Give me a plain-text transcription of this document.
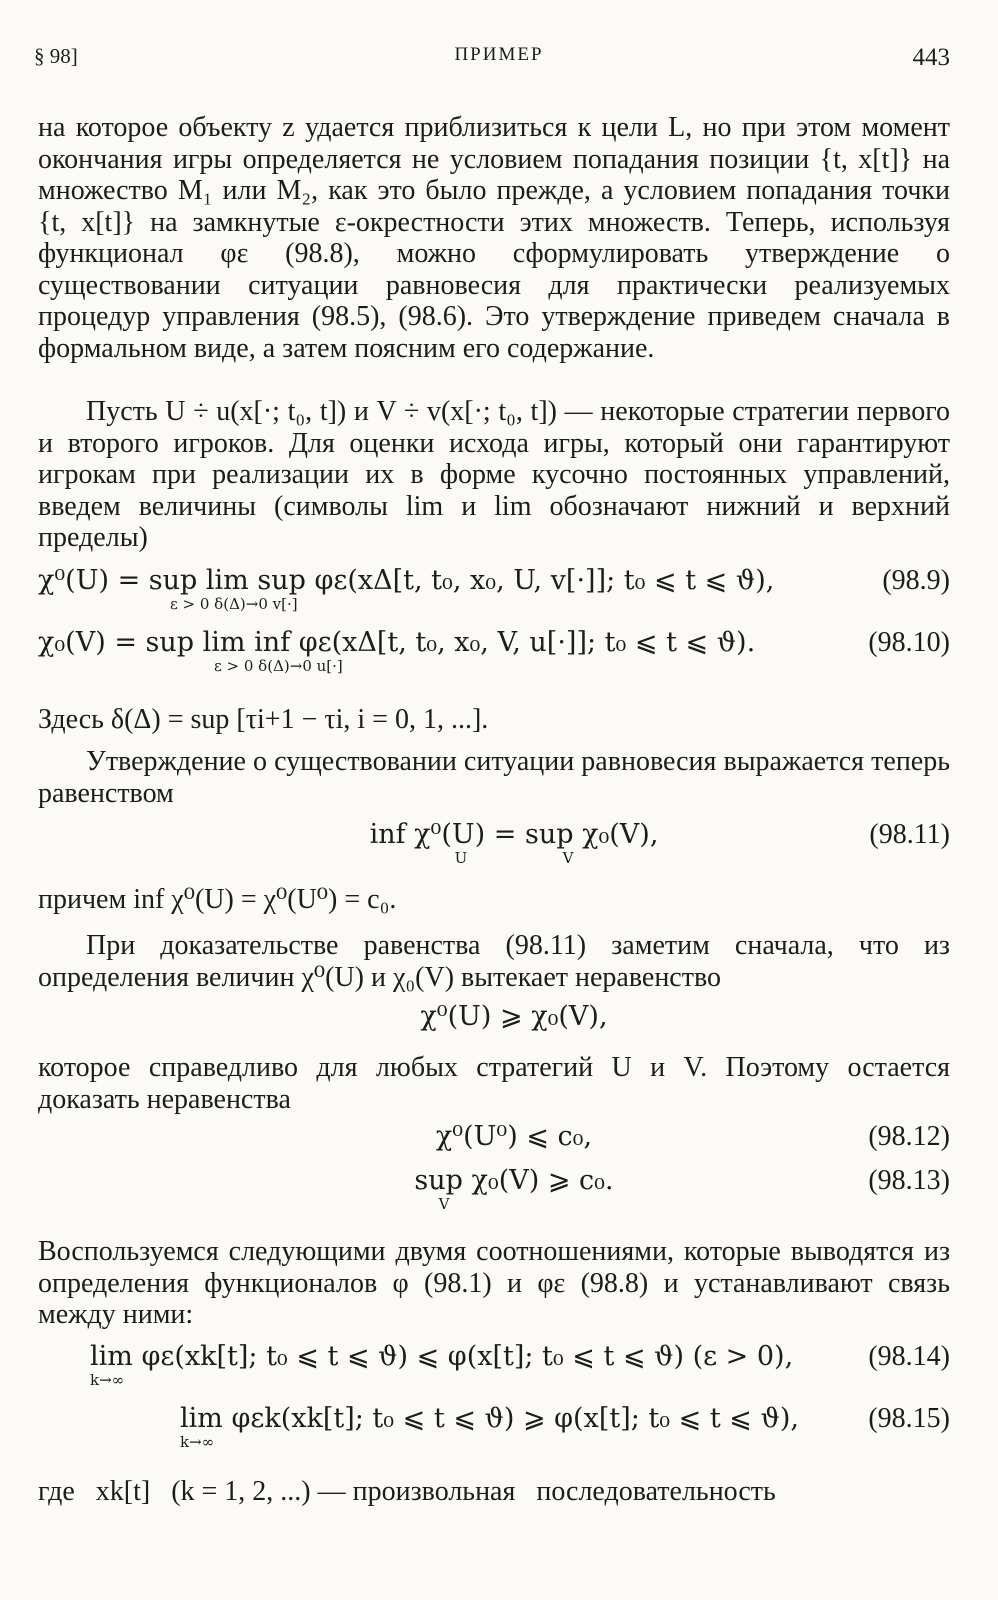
§ 98]	ПРИМЕР	443

на которое объекту z удается приблизиться к цели L, но при этом момент окончания игры определяется не условием попадания позиции {t, x[t]} на множество M₁ или M₂, как это было прежде, а условием попадания точки {t, x[t]} на замкнутые ε-окрестности этих множеств. Теперь, используя функционал φε (98.8), можно сформулировать утверждение о существовании ситуации равновесия для практически реализуемых процедур управления (98.5), (98.6). Это утверждение приведем сначала в формальном виде, а затем поясним его содержание.

Пусть U ÷ u(x[·; t₀, t]) и V ÷ v(x[·; t₀, t]) — некоторые стратегии первого и второго игроков. Для оценки исхода игры, который они гарантируют игрокам при реализации их в форме кусочно постоянных управлений, введем величины (символы lim и lim обозначают нижний и верхний пределы)

χ⁰(U) = sup lim sup φε(xΔ[t, t₀, x₀, U, v[·]]; t₀ ⩽ t ⩽ ϑ),	(98.9)
ε > 0 δ(Δ)→0 v[·]
χ₀(V) = sup lim inf φε(xΔ[t, t₀, x₀, V, u[·]]; t₀ ⩽ t ⩽ ϑ).	(98.10)
ε > 0 δ(Δ)→0 u[·]

Здесь δ(Δ) = sup [τi+1 − τi, i = 0, 1, ...].

Утверждение о существовании ситуации равновесия выражается теперь равенством

inf χ⁰(U) = sup χ₀(V),
U                    V
(98.11)

причем inf χ⁰(U) = χ⁰(U⁰) = c₀.

При доказательстве равенства (98.11) заметим сначала, что из определения величин χ⁰(U) и χ₀(V) вытекает неравенство

χ⁰(U) ⩾ χ₀(V),

которое справедливо для любых стратегий U и V. Поэтому остается доказать неравенства

χ⁰(U⁰) ⩽ c₀,	(98.12)
sup χ₀(V) ⩾ c₀.
V
(98.13)

Воспользуемся следующими двумя соотношениями, которые выводятся из определения функционалов φ (98.1) и φε (98.8) и устанавливают связь между ними:

lim φε(xk[t]; t₀ ⩽ t ⩽ ϑ) ⩽ φ(x[t]; t₀ ⩽ t ⩽ ϑ) (ε > 0),	(98.14)
k→∞
lim φεk(xk[t]; t₀ ⩽ t ⩽ ϑ) ⩾ φ(x[t]; t₀ ⩽ t ⩽ ϑ), (98.15)
k→∞

где   xk[t]   (k = 1, 2, ...) — произвольная   последовательность
